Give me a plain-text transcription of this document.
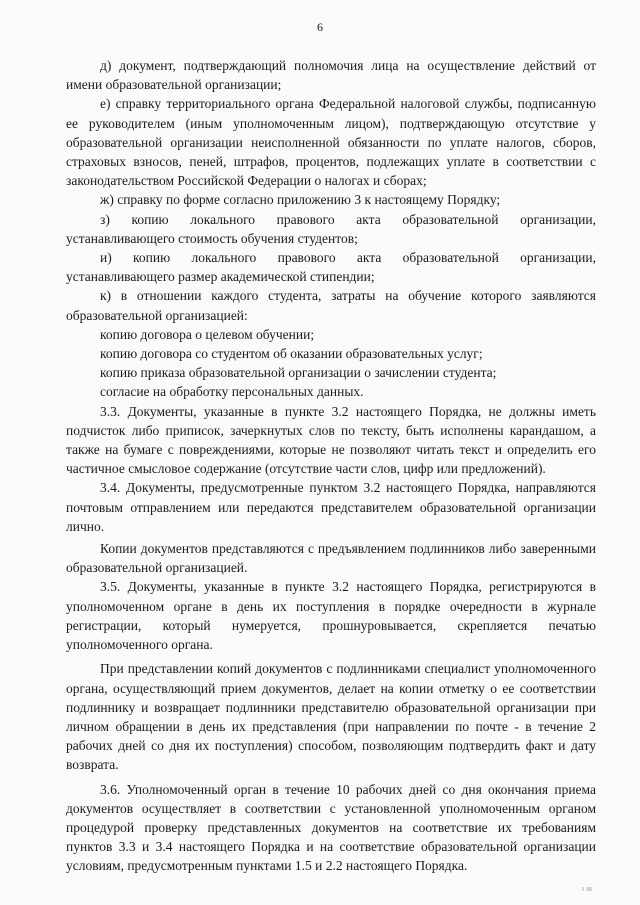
6

д) документ, подтверждающий полномочия лица на осуществление действий от имени образовательной организации;

е) справку территориального органа Федеральной налоговой службы, подписанную ее руководителем (иным уполномоченным лицом), подтверждающую отсутствие у образовательной организации неисполненной обязанности по уплате налогов, сборов, страховых взносов, пеней, штрафов, процентов, подлежащих уплате в соответствии с законодательством Российской Федерации о налогах и сборах;

ж) справку по форме согласно приложению 3 к настоящему Порядку;

з) копию локального правового акта образовательной организации, устанавливающего стоимость обучения студентов;

и) копию локального правового акта образовательной организации, устанавливающего размер академической стипендии;

к) в отношении каждого студента, затраты на обучение которого заявляются образовательной организацией:

копию договора о целевом обучении;

копию договора со студентом об оказании образовательных услуг;

копию приказа образовательной организации о зачислении студента;

согласие на обработку персональных данных.

3.3. Документы, указанные в пункте 3.2 настоящего Порядка, не должны иметь подчисток либо приписок, зачеркнутых слов по тексту, быть исполнены карандашом, а также на бумаге с повреждениями, которые не позволяют читать текст и определить его частичное смысловое содержание (отсутствие части слов, цифр или предложений).

3.4. Документы, предусмотренные пунктом 3.2 настоящего Порядка, направляются почтовым отправлением или передаются представителем образовательной организации лично.

Копии документов представляются с предъявлением подлинников либо заверенными образовательной организацией.

3.5. Документы, указанные в пункте 3.2 настоящего Порядка, регистрируются в уполномоченном органе в день их поступления в порядке очередности в журнале регистрации, который нумеруется, прошнуровывается, скрепляется печатью уполномоченного органа.

При представлении копий документов с подлинниками специалист уполномоченного органа, осуществляющий прием документов, делает на копии отметку о ее соответствии подлиннику и возвращает подлинники представителю образовательной организации при личном обращении в день их представления (при направлении по почте - в течение 2 рабочих дней со дня их поступления) способом, позволяющим подтвердить факт и дату возврата.

3.6. Уполномоченный орган в течение 10 рабочих дней со дня окончания приема документов осуществляет в соответствии с установленной уполномоченным органом процедурой проверку представленных документов на соответствие их требованиям пунктов 3.3 и 3.4 настоящего Порядка и на соответствие образовательной организации условиям, предусмотренным пунктами 1.5 и 2.2 настоящего Порядка.

ı ııı
